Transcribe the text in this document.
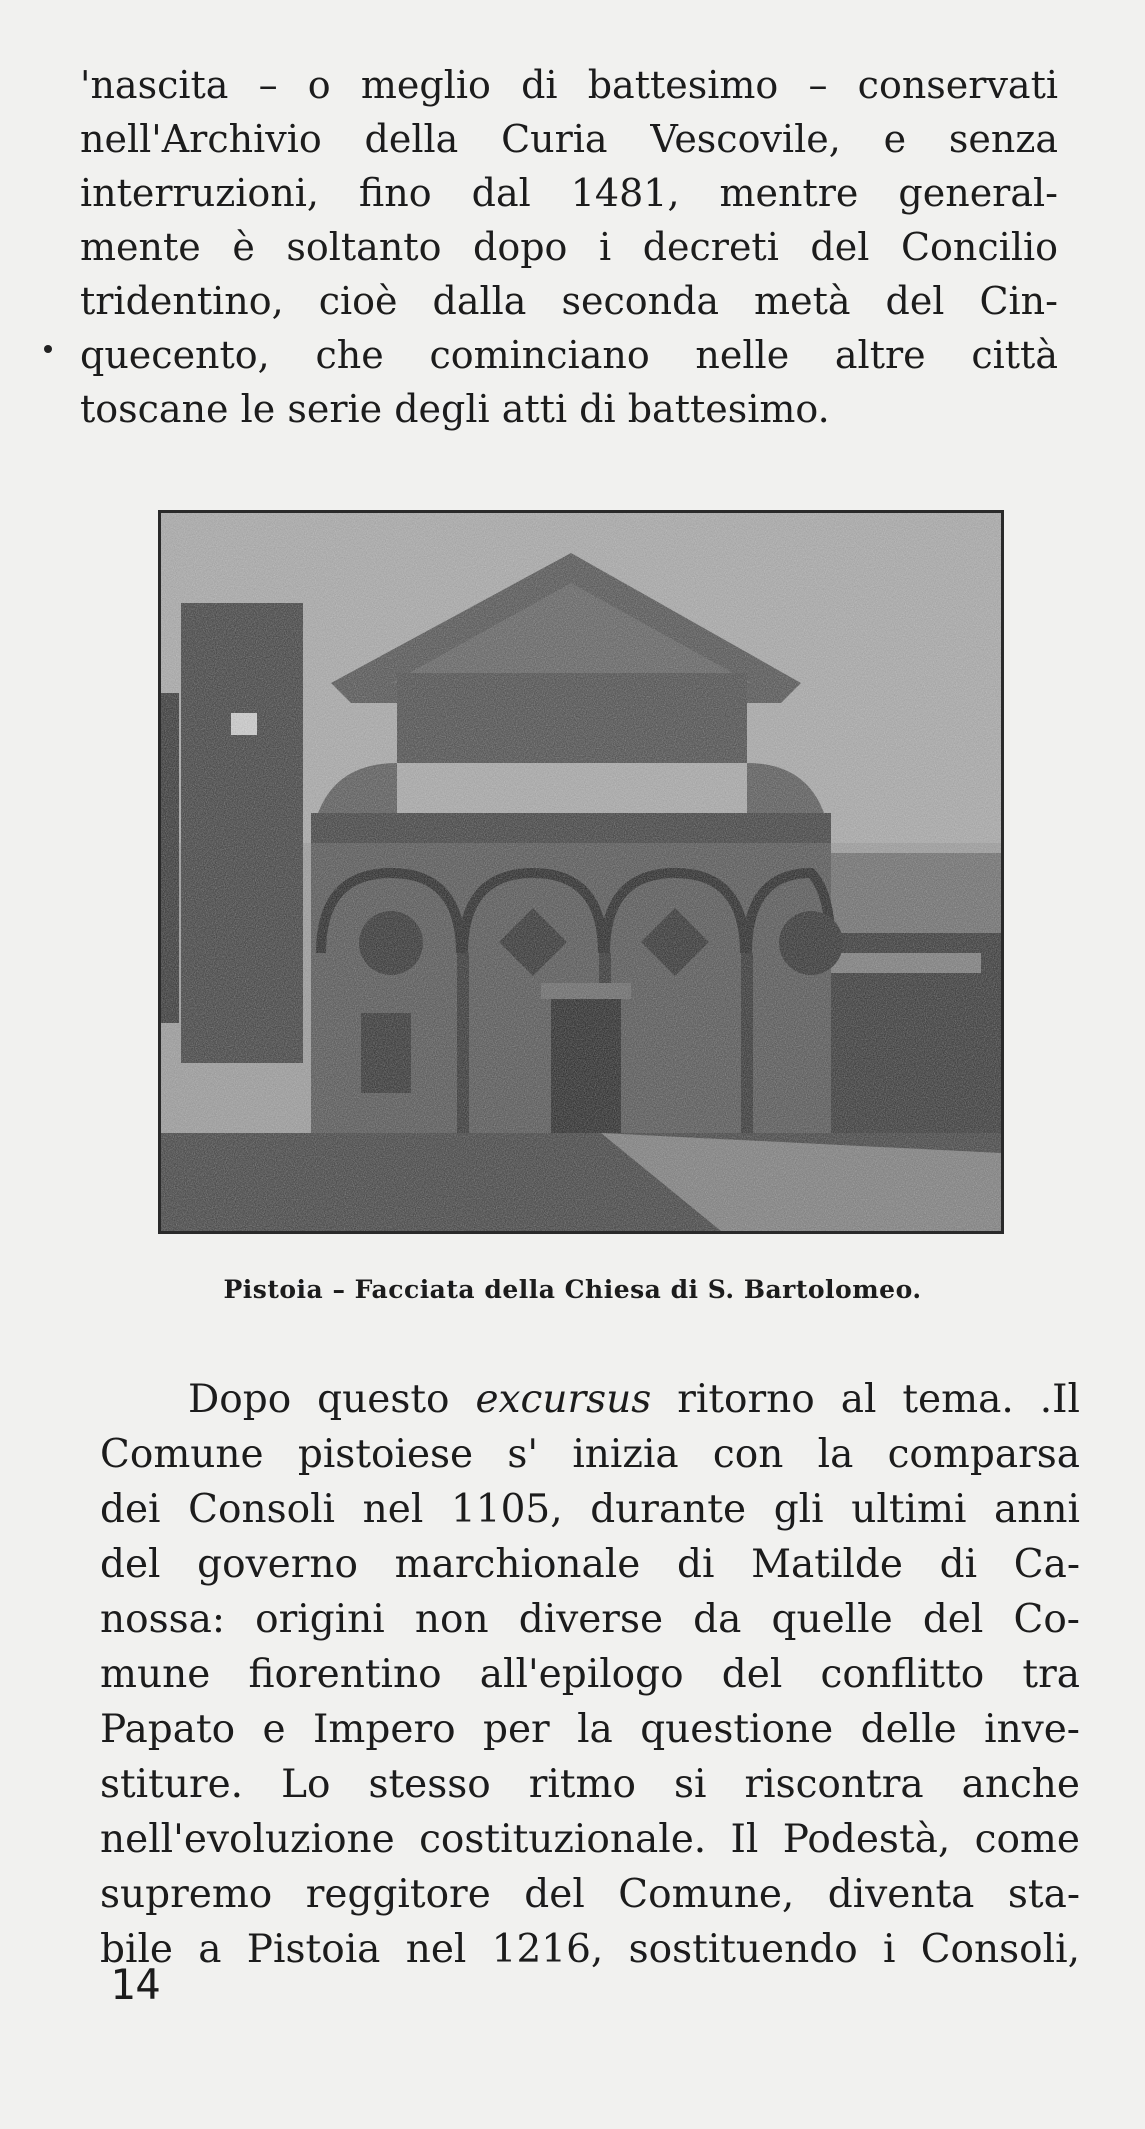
'nascita – o meglio di battesimo – conservati
nell'Archivio della Curia Vescovile, e senza
interruzioni, fino dal 1481, mentre general-
mente è soltanto dopo i decreti del Concilio
tridentino, cioè dalla seconda metà del Cin-
quecento, che cominciano nelle altre città
toscane le serie degli atti di battesimo.

Pistoia – Facciata della Chiesa di S. Bartolomeo.

Dopo questo excursus ritorno al tema. .Il
Comune pistoiese s' inizia con la comparsa
dei Consoli nel 1105, durante gli ultimi anni
del governo marchionale di Matilde di Ca-
nossa: origini non diverse da quelle del Co-
mune fiorentino all'epilogo del conflitto tra
Papato e Impero per la questione delle inve-
stiture. Lo stesso ritmo si riscontra anche
nell'evoluzione costituzionale. Il Podestà, come
supremo reggitore del Comune, diventa sta-
bile a Pistoia nel 1216, sostituendo i Consoli,

14
